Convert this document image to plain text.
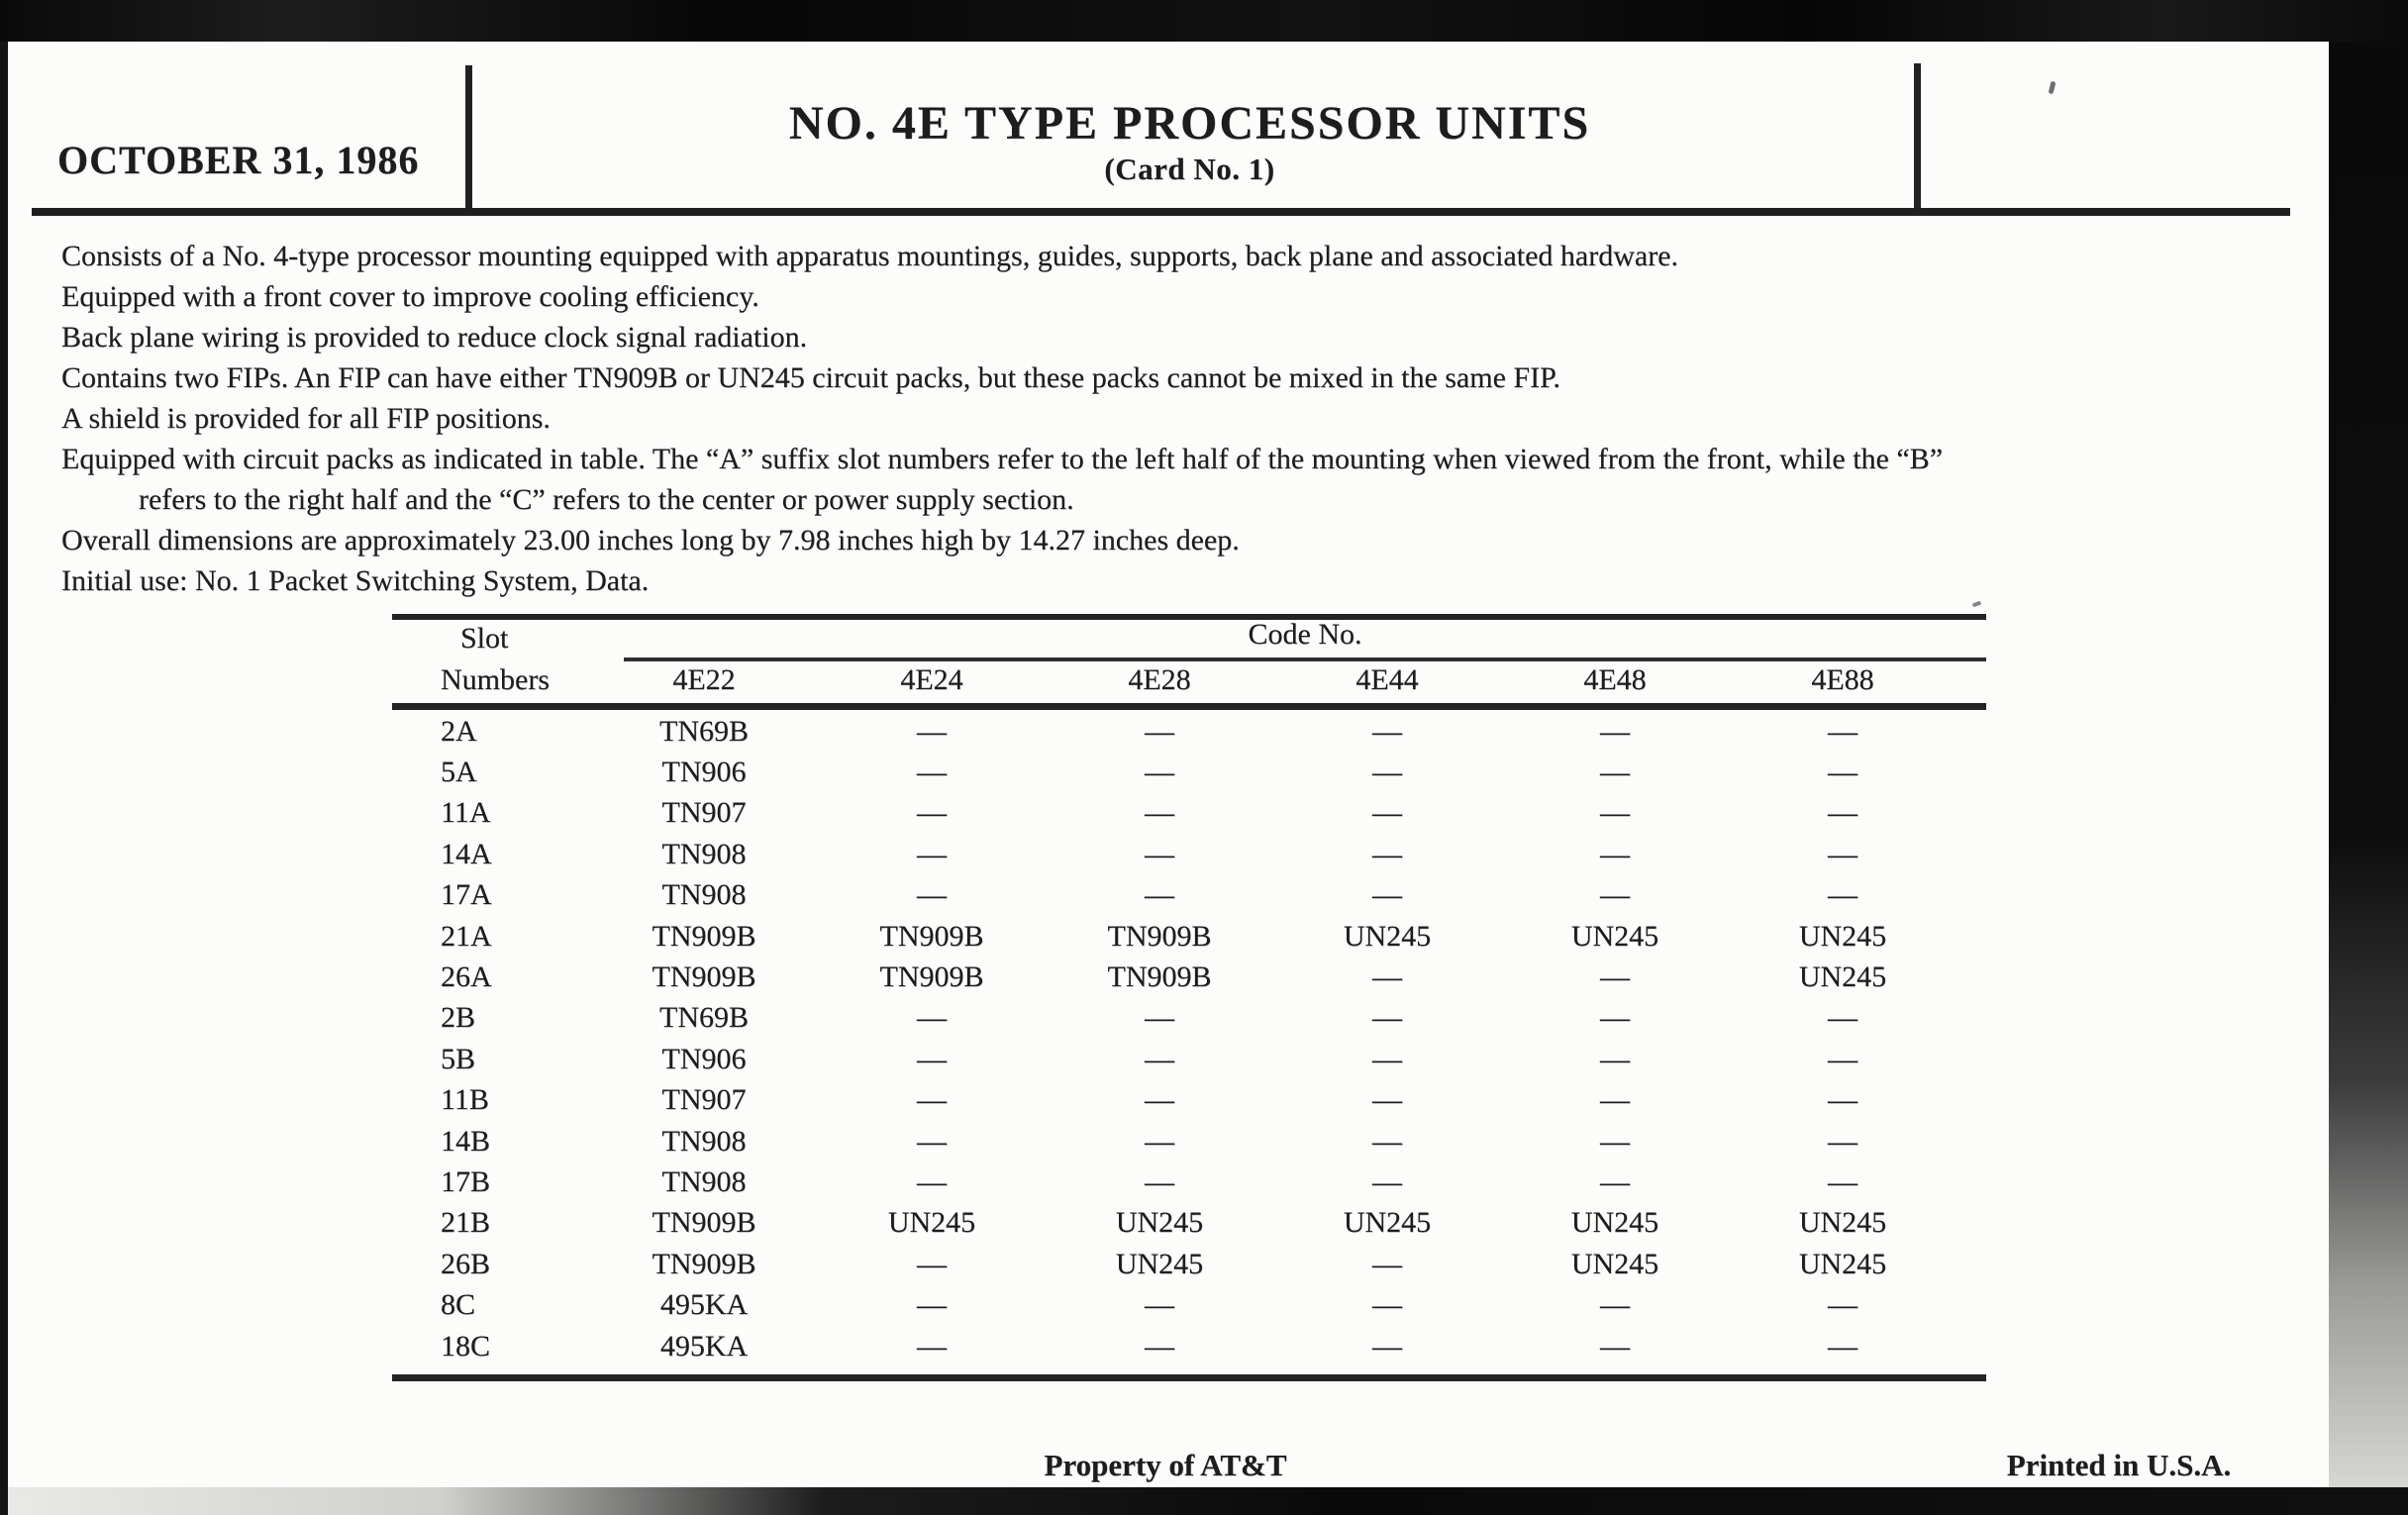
OCTOBER 31, 1986
NO. 4E TYPE PROCESSOR UNITS
(Card No. 1)
Consists of a No. 4-type processor mounting equipped with apparatus mountings, guides, supports, back plane and associated hardware.
Equipped with a front cover to improve cooling efficiency.
Back plane wiring is provided to reduce clock signal radiation.
Contains two FIPs. An FIP can have either TN909B or UN245 circuit packs, but these packs cannot be mixed in the same FIP.
A shield is provided for all FIP positions.
Equipped with circuit packs as indicated in table. The “A” suffix slot numbers refer to the left half of the mounting when viewed from the front, while the “B”
refers to the right half and the “C” refers to the center or power supply section.
Overall dimensions are approximately 23.00 inches long by 7.98 inches high by 14.27 inches deep.
Initial use: No. 1 Packet Switching System, Data.
Slot	Code No.
Numbers	4E22	4E24	4E28	4E44	4E48	4E88
2A	TN69B	—	—	—	—	—
5A	TN906	—	—	—	—	—
11A	TN907	—	—	—	—	—
14A	TN908	—	—	—	—	—
17A	TN908	—	—	—	—	—
21A	TN909B	TN909B	TN909B	UN245	UN245	UN245
26A	TN909B	TN909B	TN909B	—	—	UN245
2B	TN69B	—	—	—	—	—
5B	TN906	—	—	—	—	—
11B	TN907	—	—	—	—	—
14B	TN908	—	—	—	—	—
17B	TN908	—	—	—	—	—
21B	TN909B	UN245	UN245	UN245	UN245	UN245
26B	TN909B	—	UN245	—	UN245	UN245
8C	495KA	—	—	—	—	—
18C	495KA	—	—	—	—	—
Property of AT&T	Printed in U.S.A.
